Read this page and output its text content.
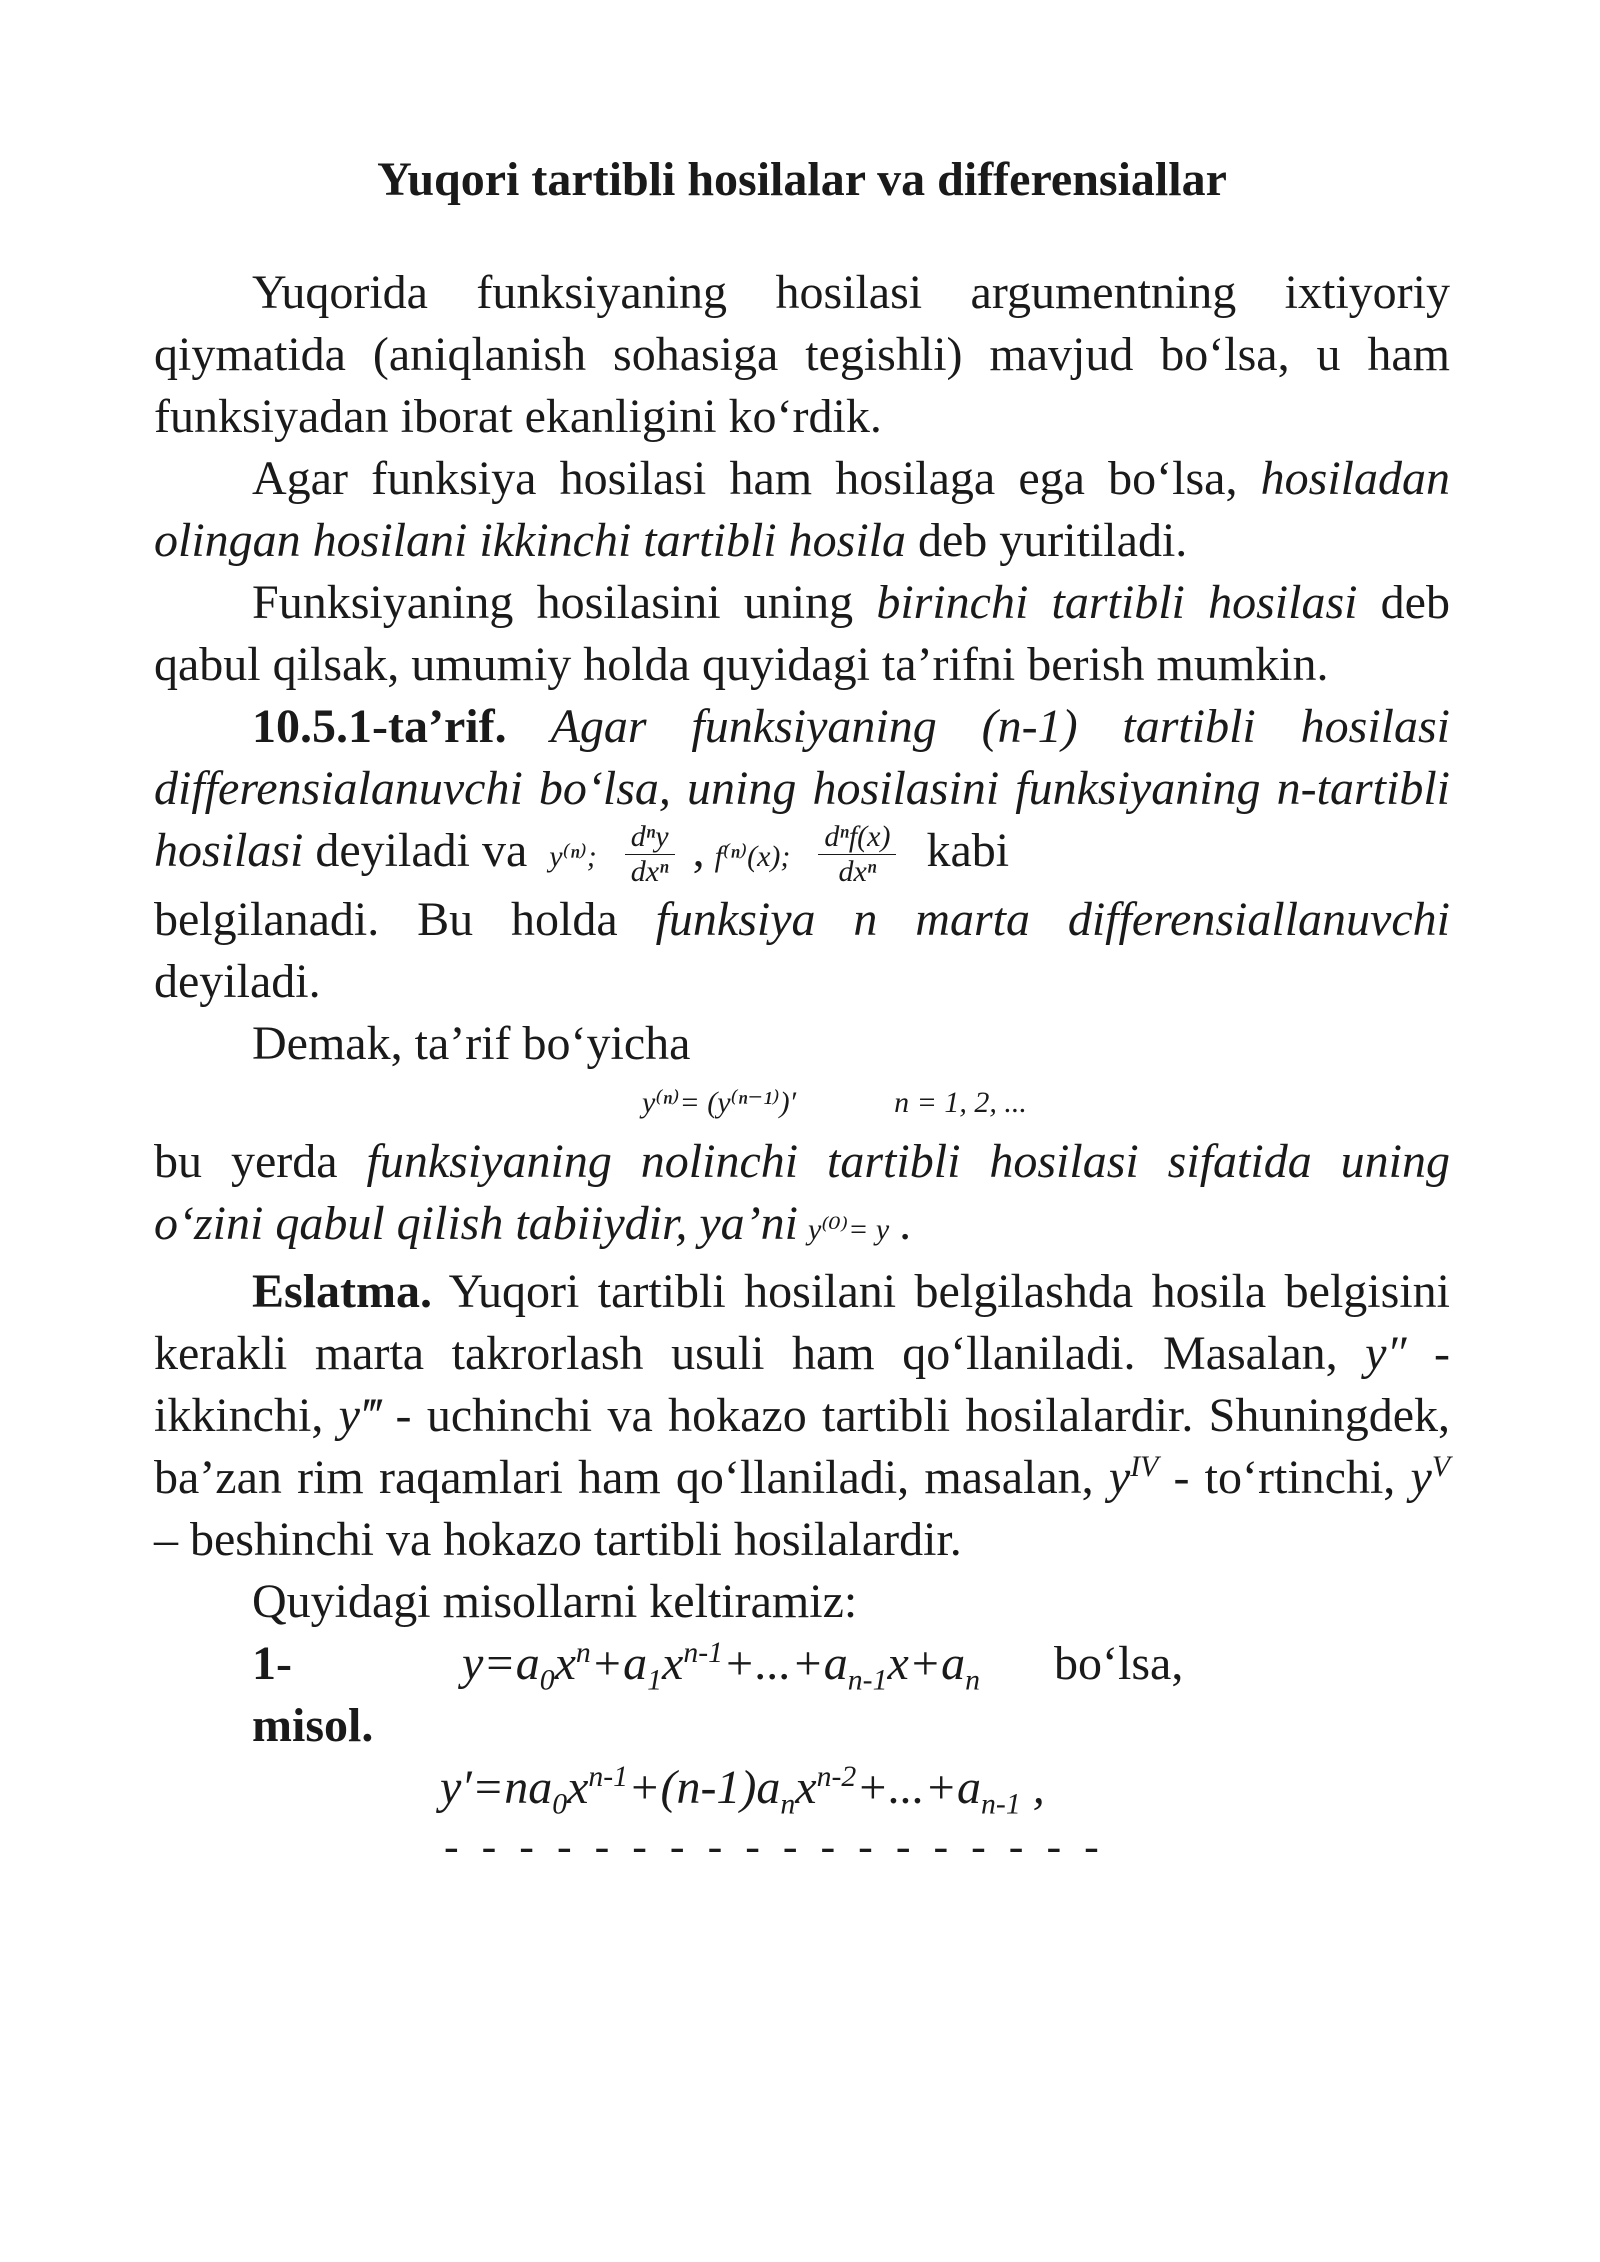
Yuqori tartibli hosilalar va differensiallar

Yuqorida funksiyaning hosilasi argumentning ixtiyoriy qiymatida (aniqlanish sohasiga tegishli) mavjud bo‘lsa, u ham funksiyadan iborat ekanligini ko‘rdik.

Agar funksiya hosilasi ham hosilaga ega bo‘lsa, hosiladan olingan hosilani ikkinchi tartibli hosila deb yuritiladi.

Funksiyaning hosilasini uning birinchi tartibli hosilasi deb qabul qilsak, umumiy holda quyidagi ta’rifni berish mumkin.

10.5.1-ta’rif. Agar funksiyaning (n-1) tartibli hosilasi differensialanuvchi bo‘lsa, uning hosilasini funksiyaning n-tartibli hosilasi deyiladi va y⁽ⁿ⁾; $\frac{\text{dⁿy}}{\text{dxⁿ}}$ , f⁽ⁿ⁾(x); $\frac{\text{dⁿf(x)}}{\text{dxⁿ}}$ kabi

belgilanadi. Bu holda funksiya n marta differensiallanuvchi deyiladi.

Demak, ta’rif bo‘yicha

y⁽ⁿ⁾= (y⁽ⁿ⁻¹⁾)′	n = 1, 2, ...

bu yerda funksiyaning nolinchi tartibli hosilasi sifatida uning o‘zini qabul qilish tabiiydir, ya’ni y⁽⁰⁾= y .

Eslatma. Yuqori tartibli hosilani belgilashda hosila belgisini kerakli marta takrorlash usuli ham qo‘llaniladi. Masalan, y″ - ikkinchi, y‴ - uchinchi va hokazo tartibli hosilalardir. Shuningdek, ba’zan rim raqamlari ham qo‘llaniladi, masalan, $y^{IV}$ - to‘rtinchi, $y^V$ – beshinchi va hokazo tartibli hosilalardir.

Quyidagi misollarni keltiramiz:

1-misol.
$y=a_0x^n+a_1x^{n-1}+...+a_{n-1}x+a_n$ bo‘lsa,

$y'=na_0x^{n-1}+(n-1)a_nx^{n-2}+...+a_{n-1}$ ,

- - - - - - - - - - - - - - - - - -
